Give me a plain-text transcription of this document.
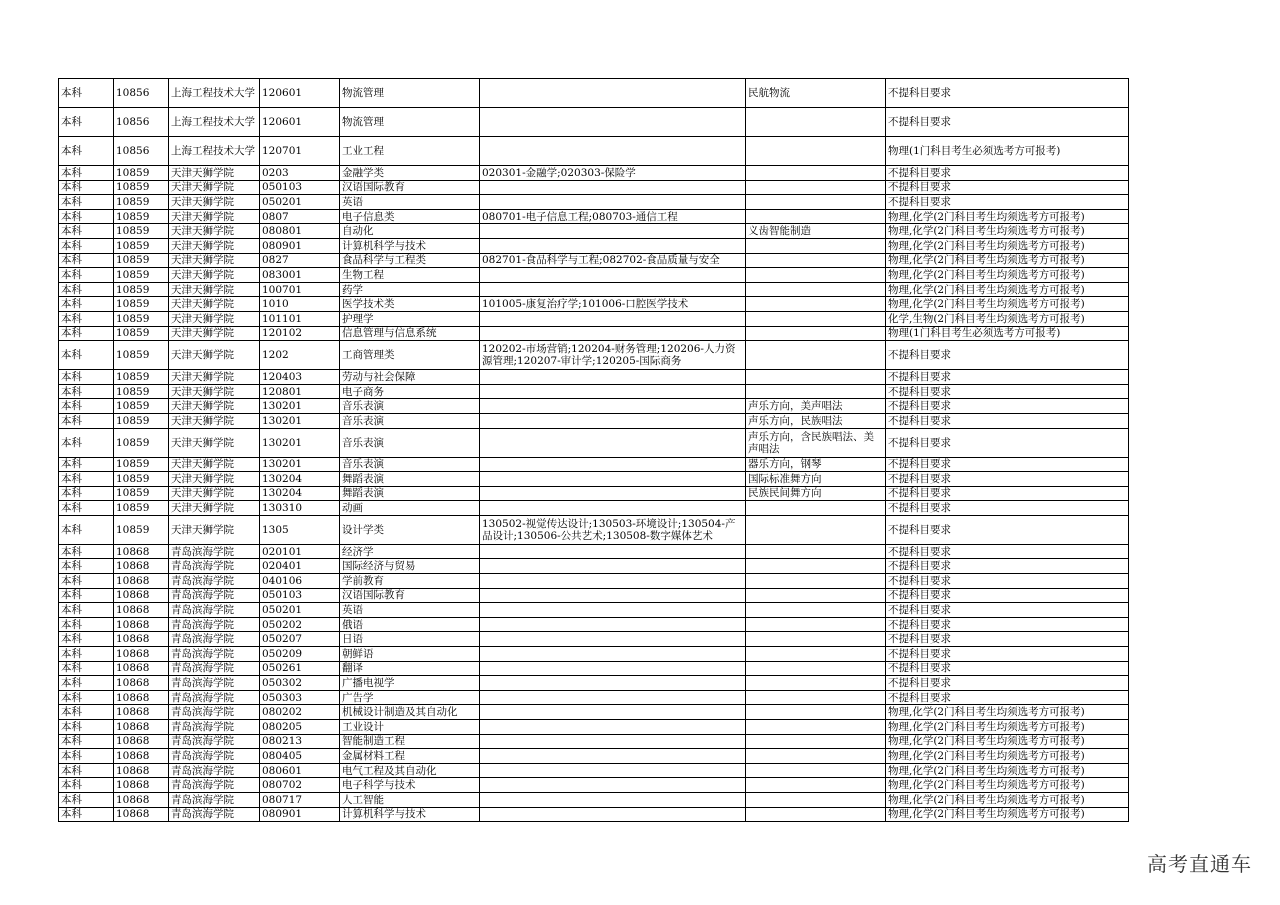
本科	10856	上海工程技术大学	120601	物流管理		民航物流	不提科目要求
本科	10856	上海工程技术大学	120601	物流管理			不提科目要求
本科	10856	上海工程技术大学	120701	工业工程			物理(1门科目考生必须选考方可报考)
本科	10859	天津天狮学院	0203	金融学类	020301-金融学;020303-保险学		不提科目要求
本科	10859	天津天狮学院	050103	汉语国际教育			不提科目要求
本科	10859	天津天狮学院	050201	英语			不提科目要求
本科	10859	天津天狮学院	0807	电子信息类	080701-电子信息工程;080703-通信工程		物理,化学(2门科目考生均须选考方可报考)
本科	10859	天津天狮学院	080801	自动化		义齿智能制造	物理,化学(2门科目考生均须选考方可报考)
本科	10859	天津天狮学院	080901	计算机科学与技术			物理,化学(2门科目考生均须选考方可报考)
本科	10859	天津天狮学院	0827	食品科学与工程类	082701-食品科学与工程;082702-食品质量与安全		物理,化学(2门科目考生均须选考方可报考)
本科	10859	天津天狮学院	083001	生物工程			物理,化学(2门科目考生均须选考方可报考)
本科	10859	天津天狮学院	100701	药学			物理,化学(2门科目考生均须选考方可报考)
本科	10859	天津天狮学院	1010	医学技术类	101005-康复治疗学;101006-口腔医学技术		物理,化学(2门科目考生均须选考方可报考)
本科	10859	天津天狮学院	101101	护理学			化学,生物(2门科目考生均须选考方可报考)
本科	10859	天津天狮学院	120102	信息管理与信息系统			物理(1门科目考生必须选考方可报考)
本科	10859	天津天狮学院	1202	工商管理类	120202-市场营销;120204-财务管理;120206-人力资源管理;120207-审计学;120205-国际商务		不提科目要求
本科	10859	天津天狮学院	120403	劳动与社会保障			不提科目要求
本科	10859	天津天狮学院	120801	电子商务			不提科目要求
本科	10859	天津天狮学院	130201	音乐表演		声乐方向，美声唱法	不提科目要求
本科	10859	天津天狮学院	130201	音乐表演		声乐方向，民族唱法	不提科目要求
本科	10859	天津天狮学院	130201	音乐表演		声乐方向，含民族唱法、美声唱法	不提科目要求
本科	10859	天津天狮学院	130201	音乐表演		器乐方向，钢琴	不提科目要求
本科	10859	天津天狮学院	130204	舞蹈表演		国际标准舞方向	不提科目要求
本科	10859	天津天狮学院	130204	舞蹈表演		民族民间舞方向	不提科目要求
本科	10859	天津天狮学院	130310	动画			不提科目要求
本科	10859	天津天狮学院	1305	设计学类	130502-视觉传达设计;130503-环境设计;130504-产品设计;130506-公共艺术;130508-数字媒体艺术		不提科目要求
本科	10868	青岛滨海学院	020101	经济学			不提科目要求
本科	10868	青岛滨海学院	020401	国际经济与贸易			不提科目要求
本科	10868	青岛滨海学院	040106	学前教育			不提科目要求
本科	10868	青岛滨海学院	050103	汉语国际教育			不提科目要求
本科	10868	青岛滨海学院	050201	英语			不提科目要求
本科	10868	青岛滨海学院	050202	俄语			不提科目要求
本科	10868	青岛滨海学院	050207	日语			不提科目要求
本科	10868	青岛滨海学院	050209	朝鲜语			不提科目要求
本科	10868	青岛滨海学院	050261	翻译			不提科目要求
本科	10868	青岛滨海学院	050302	广播电视学			不提科目要求
本科	10868	青岛滨海学院	050303	广告学			不提科目要求
本科	10868	青岛滨海学院	080202	机械设计制造及其自动化			物理,化学(2门科目考生均须选考方可报考)
本科	10868	青岛滨海学院	080205	工业设计			物理,化学(2门科目考生均须选考方可报考)
本科	10868	青岛滨海学院	080213	智能制造工程			物理,化学(2门科目考生均须选考方可报考)
本科	10868	青岛滨海学院	080405	金属材料工程			物理,化学(2门科目考生均须选考方可报考)
本科	10868	青岛滨海学院	080601	电气工程及其自动化			物理,化学(2门科目考生均须选考方可报考)
本科	10868	青岛滨海学院	080702	电子科学与技术			物理,化学(2门科目考生均须选考方可报考)
本科	10868	青岛滨海学院	080717	人工智能			物理,化学(2门科目考生均须选考方可报考)
本科	10868	青岛滨海学院	080901	计算机科学与技术			物理,化学(2门科目考生均须选考方可报考)
高考直通车
